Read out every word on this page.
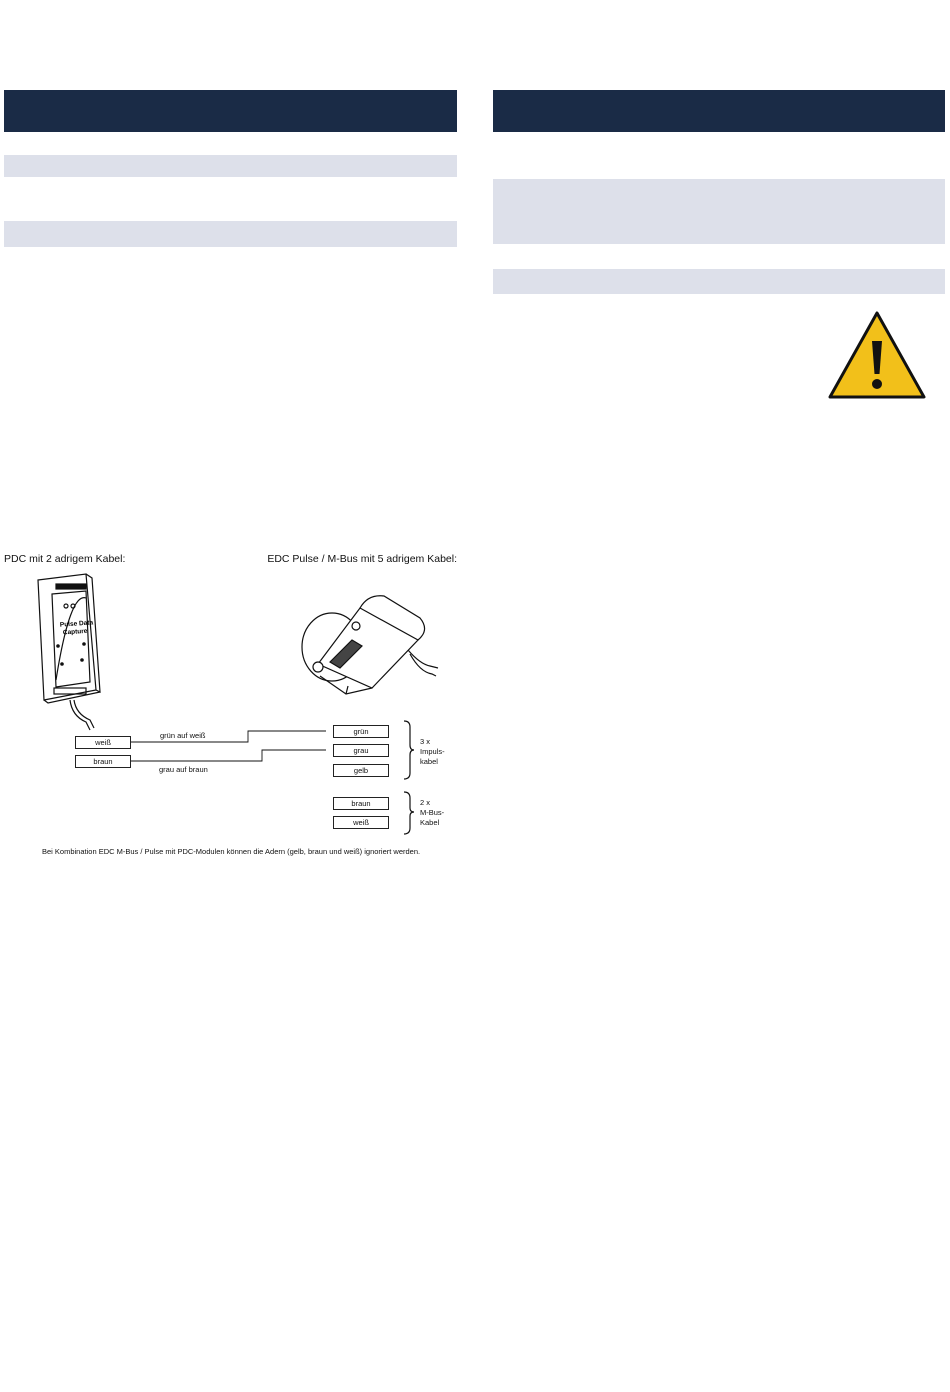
PDC mit 2 adrigem Kabel:	EDC Pulse / M-Bus mit 5 adrigem Kabel:
Pulse Data
Capture
weiß
braun
grün auf weiß
grau auf braun
grün
grau
gelb
braun
weiß
3 x
Impuls-
kabel
2 x
M-Bus-
Kabel
Bei Kombination EDC M-Bus / Pulse mit PDC-Modulen können die Adern (gelb, braun und weiß) ignoriert werden.
